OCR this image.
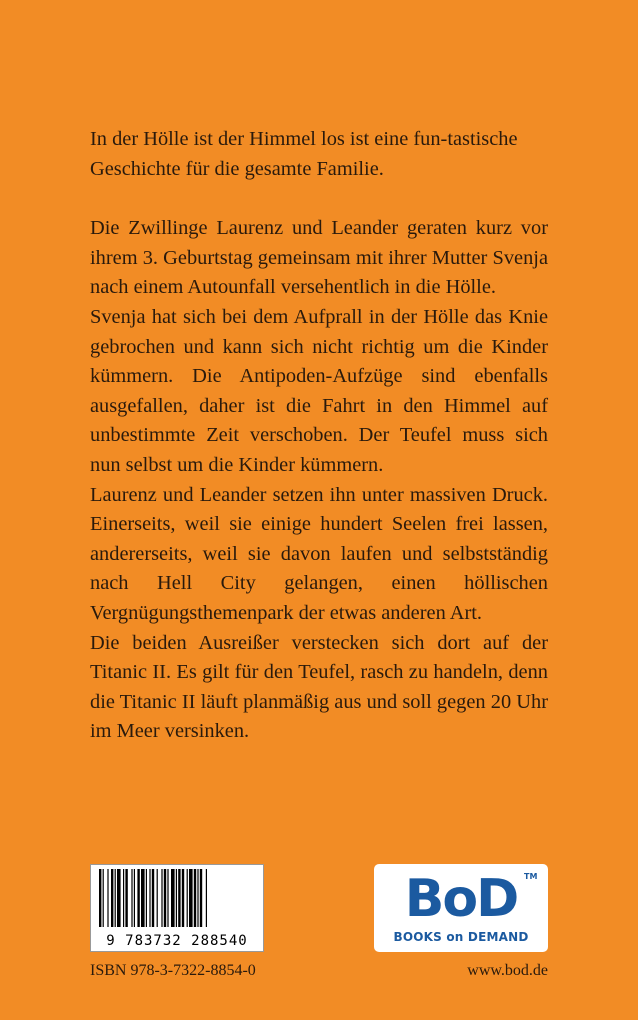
In der Hölle ist der Himmel los ist eine fun-tastische Geschichte für die gesamte Familie.

Die Zwillinge Laurenz und Leander geraten kurz vor ihrem 3. Geburtstag gemeinsam mit ihrer Mutter Svenja nach einem Autounfall versehentlich in die Hölle.

Svenja hat sich bei dem Aufprall in der Hölle das Knie gebrochen und kann sich nicht richtig um die Kinder kümmern. Die Antipoden-Aufzüge sind ebenfalls ausgefallen, daher ist die Fahrt in den Himmel auf unbestimmte Zeit verschoben. Der Teufel muss sich nun selbst um die Kinder kümmern.

Laurenz und Leander setzen ihn unter massiven Druck. Einerseits, weil sie einige hundert Seelen frei lassen, andererseits, weil sie davon laufen und selbstständig nach Hell City gelangen, einen höllischen Vergnügungsthemenpark der etwas anderen Art.

Die beiden Ausreißer verstecken sich dort auf der Titanic II. Es gilt für den Teufel, rasch zu handeln, denn die Titanic II läuft planmäßig aus und soll gegen 20 Uhr im Meer versinken.

9 783732 288540
BoD TM
BOOKS on DEMAND
ISBN 978-3-7322-8854-0	www.bod.de
